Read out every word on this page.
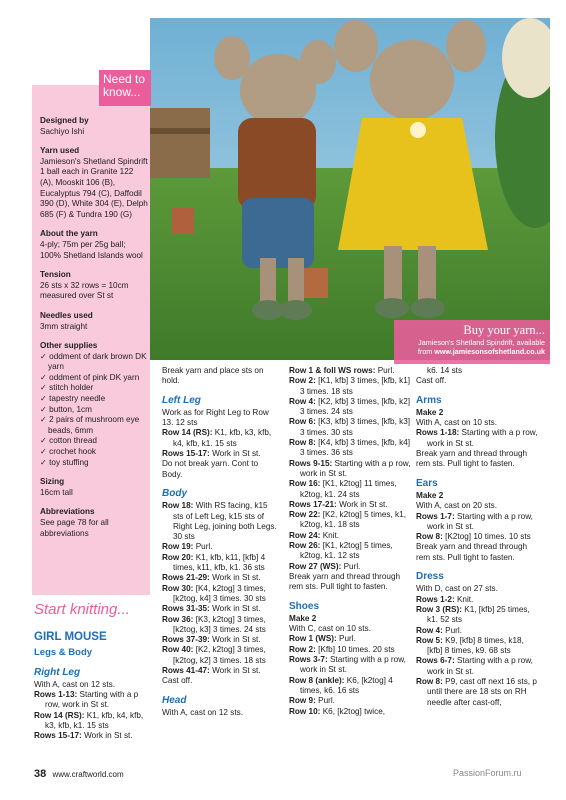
Buy your yarn...
Jamieson's Shetland Spindrift, available
from www.jamiesonsofshetland.co.uk
Need to know...

Designed by

Sachiyo Ishi

Yarn used

Jamieson's Shetland Spindrift 1 ball each in Granite 122 (A), Mooskit 106 (B), Eucalyptus 794 (C), Daffodil 390 (D), White 304 (E), Delph 685 (F) & Tundra 190 (G)

About the yarn

4-ply; 75m per 25g ball; 100% Shetland Islands wool

Tension

26 sts x 32 rows = 10cm measured over St st

Needles used

3mm straight

Other supplies

✓ oddment of dark brown DK yarn
✓ oddment of pink DK yarn
✓ stitch holder
✓ tapestry needle
✓ button, 1cm
✓ 2 pairs of mushroom eye beads, 6mm
✓ cotton thread
✓ crochet hook
✓ toy stuffing

Sizing

16cm tall

Abbreviations

See page 78 for all abbreviations

Start knitting...
GIRL MOUSE
Legs & Body
Right Leg

With A, cast on 12 sts.

Rows 1-13: Starting with a p row, work in St st.

Row 14 (RS): K1, kfb, k4, kfb, k3, kfb, k1. 15 sts

Rows 15-17: Work in St st.

Break yarn and place sts on hold.

Left Leg

Work as for Right Leg to Row 13. 12 sts

Row 14 (RS): K1, kfb, k3, kfb, k4, kfb, k1. 15 sts

Rows 15-17: Work in St st.

Do not break yarn. Cont to Body.

Body

Row 18: With RS facing, k15 sts of Left Leg, k15 sts of Right Leg, joining both Legs. 30 sts

Row 19: Purl.

Row 20: K1, kfb, k11, [kfb] 4 times, k11, kfb, k1. 36 sts

Rows 21-29: Work in St st.

Row 30: [K4, k2tog] 3 times, [k2tog, k4] 3 times. 30 sts

Rows 31-35: Work in St st.

Row 36: [K3, k2tog] 3 times, [k2tog, k3] 3 times. 24 sts

Rows 37-39: Work in St st.

Row 40: [K2, k2tog] 3 times, [k2tog, k2] 3 times. 18 sts

Rows 41-47: Work in St st.

Cast off.

Head

With A, cast on 12 sts.

Row 1 & foll WS rows: Purl.

Row 2: [K1, kfb] 3 times, [kfb, k1] 3 times. 18 sts

Row 4: [K2, kfb] 3 times, [kfb, k2] 3 times. 24 sts

Row 6: [K3, kfb] 3 times, [kfb, k3] 3 times. 30 sts

Row 8: [K4, kfb] 3 times, [kfb, k4] 3 times. 36 sts

Rows 9-15: Starting with a p row, work in St st.

Row 16: [K1, k2tog] 11 times, k2tog, k1. 24 sts

Rows 17-21: Work in St st.

Row 22: [K2, k2tog] 5 times, k1, k2tog, k1. 18 sts

Row 24: Knit.

Row 26: [K1, k2tog] 5 times, k2tog, k1. 12 sts

Row 27 (WS): Purl.

Break yarn and thread through rem sts. Pull tight to fasten.

Shoes

Make 2

With C, cast on 10 sts.

Row 1 (WS): Purl.

Row 2: [Kfb] 10 times. 20 sts

Rows 3-7: Starting with a p row, work in St st.

Row 8 (ankle): K6, [k2tog] 4 times, k6. 16 sts

Row 9: Purl.

Row 10: K6, [k2tog] twice,

k6. 14 sts

Cast off.

Arms

Make 2

With A, cast on 10 sts.

Rows 1-18: Starting with a p row, work in St st.

Break yarn and thread through rem sts. Pull tight to fasten.

Ears

Make 2

With A, cast on 20 sts.

Rows 1-7: Starting with a p row, work in St st.

Row 8: [K2tog] 10 times. 10 sts

Break yarn and thread through rem sts. Pull tight to fasten.

Dress

With D, cast on 27 sts.

Rows 1-2: Knit.

Row 3 (RS): K1, [kfb] 25 times, k1. 52 sts

Row 4: Purl.

Row 5: K9, [kfb] 8 times, k18, [kfb] 8 times, k9. 68 sts

Rows 6-7: Starting with a p row, work in St st.

Row 8: P9, cast off next 16 sts, p until there are 18 sts on RH needle after cast-off,

38 www.craftworld.com	PassionForum.ru
